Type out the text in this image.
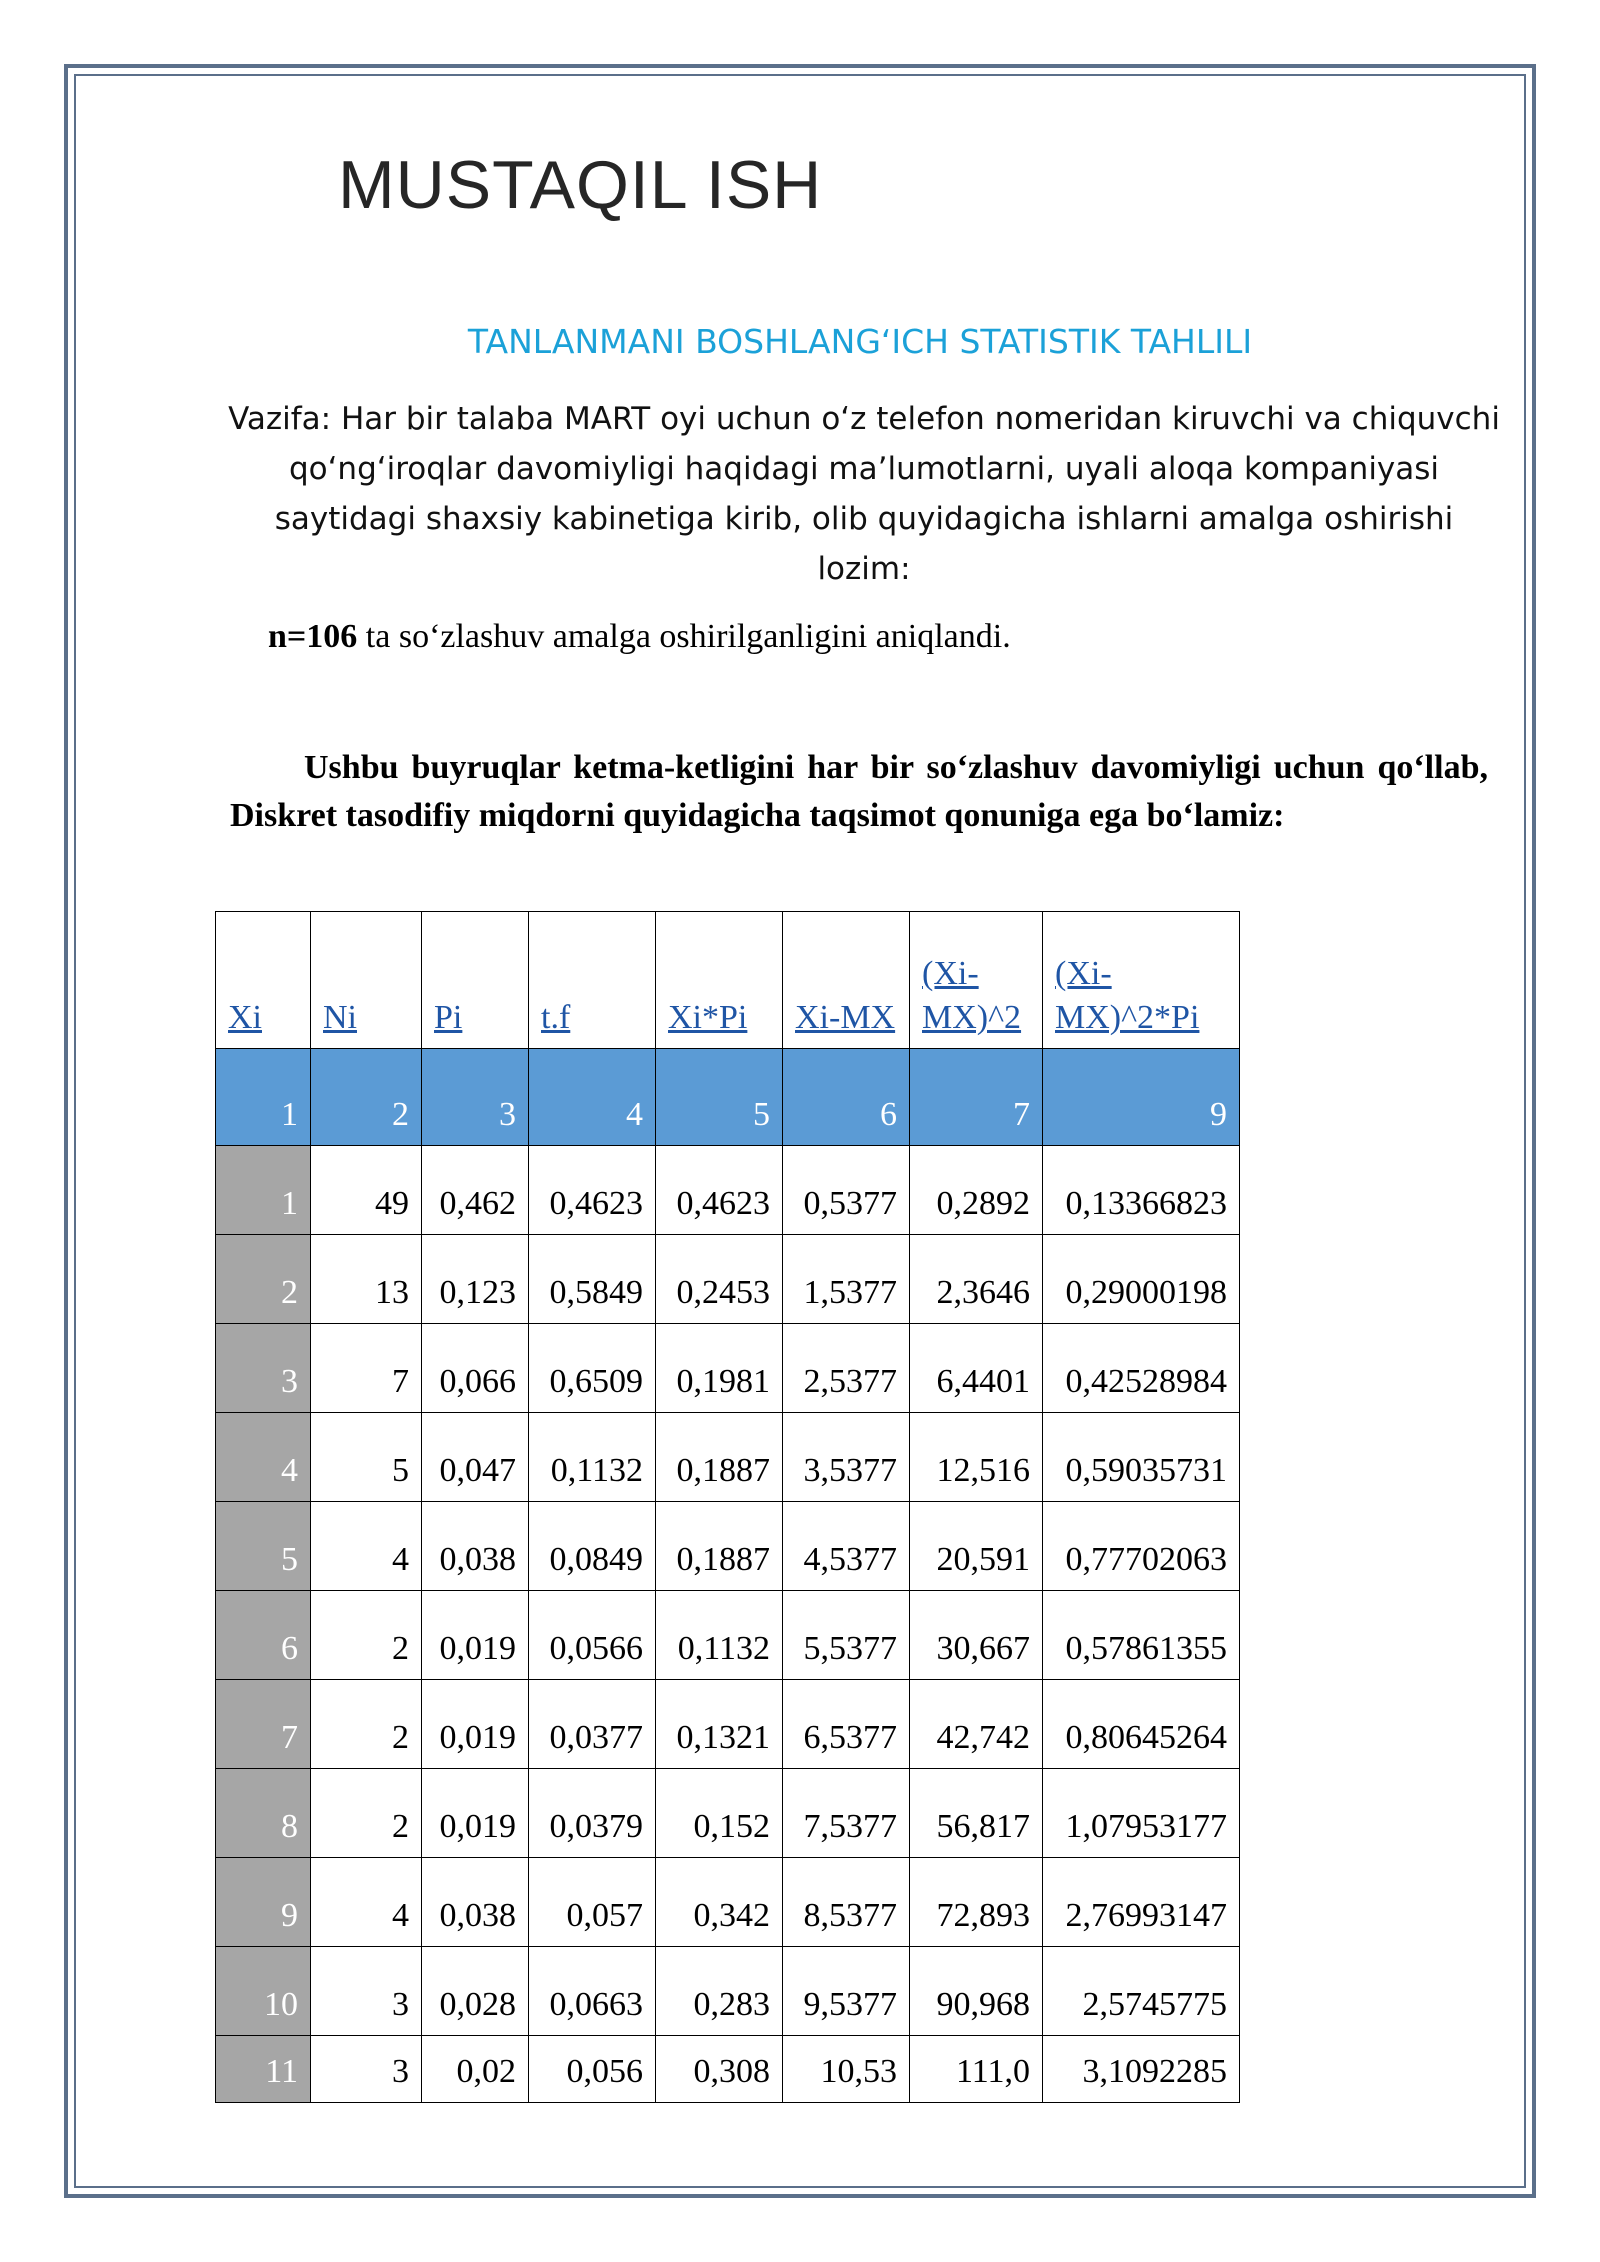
MUSTAQIL ISH
TANLANMANI BOSHLANG‘ICH STATISTIK TAHLILI

Vazifa: Har bir talaba MART oyi uchun o‘z telefon nomeridan kiruvchi va chiquvchi qo‘ng‘iroqlar davomiyligi haqidagi ma’lumotlarni, uyali aloqa kompaniyasi saytidagi shaxsiy kabinetiga kirib, olib quyidagicha ishlarni amalga oshirishi lozim:

n=106 ta so‘zlashuv amalga oshirilganligini aniqlandi.

Ushbu buyruqlar ketma-ketligini har bir so‘zlashuv davomiyligi uchun qo‘llab, Diskret tasodifiy miqdorni quyidagicha taqsimot qonuniga ega bo‘lamiz:

Xi	Ni	Pi	t.f	Xi*Pi	Xi-MX	(Xi-MX)^2	(Xi-MX)^2*Pi
1	2	3	4	5	6	7	9
1	49	0,462	0,4623	0,4623	0,5377	0,2892	0,13366823
2	13	0,123	0,5849	0,2453	1,5377	2,3646	0,29000198
3	7	0,066	0,6509	0,1981	2,5377	6,4401	0,42528984
4	5	0,047	0,1132	0,1887	3,5377	12,516	0,59035731
5	4	0,038	0,0849	0,1887	4,5377	20,591	0,77702063
6	2	0,019	0,0566	0,1132	5,5377	30,667	0,57861355
7	2	0,019	0,0377	0,1321	6,5377	42,742	0,80645264
8	2	0,019	0,0379	0,152	7,5377	56,817	1,07953177
9	4	0,038	0,057	0,342	8,5377	72,893	2,76993147
10	3	0,028	0,0663	0,283	9,5377	90,968	2,5745775
11	3	0,02	0,056	0,308	10,53	111,0	3,1092285
